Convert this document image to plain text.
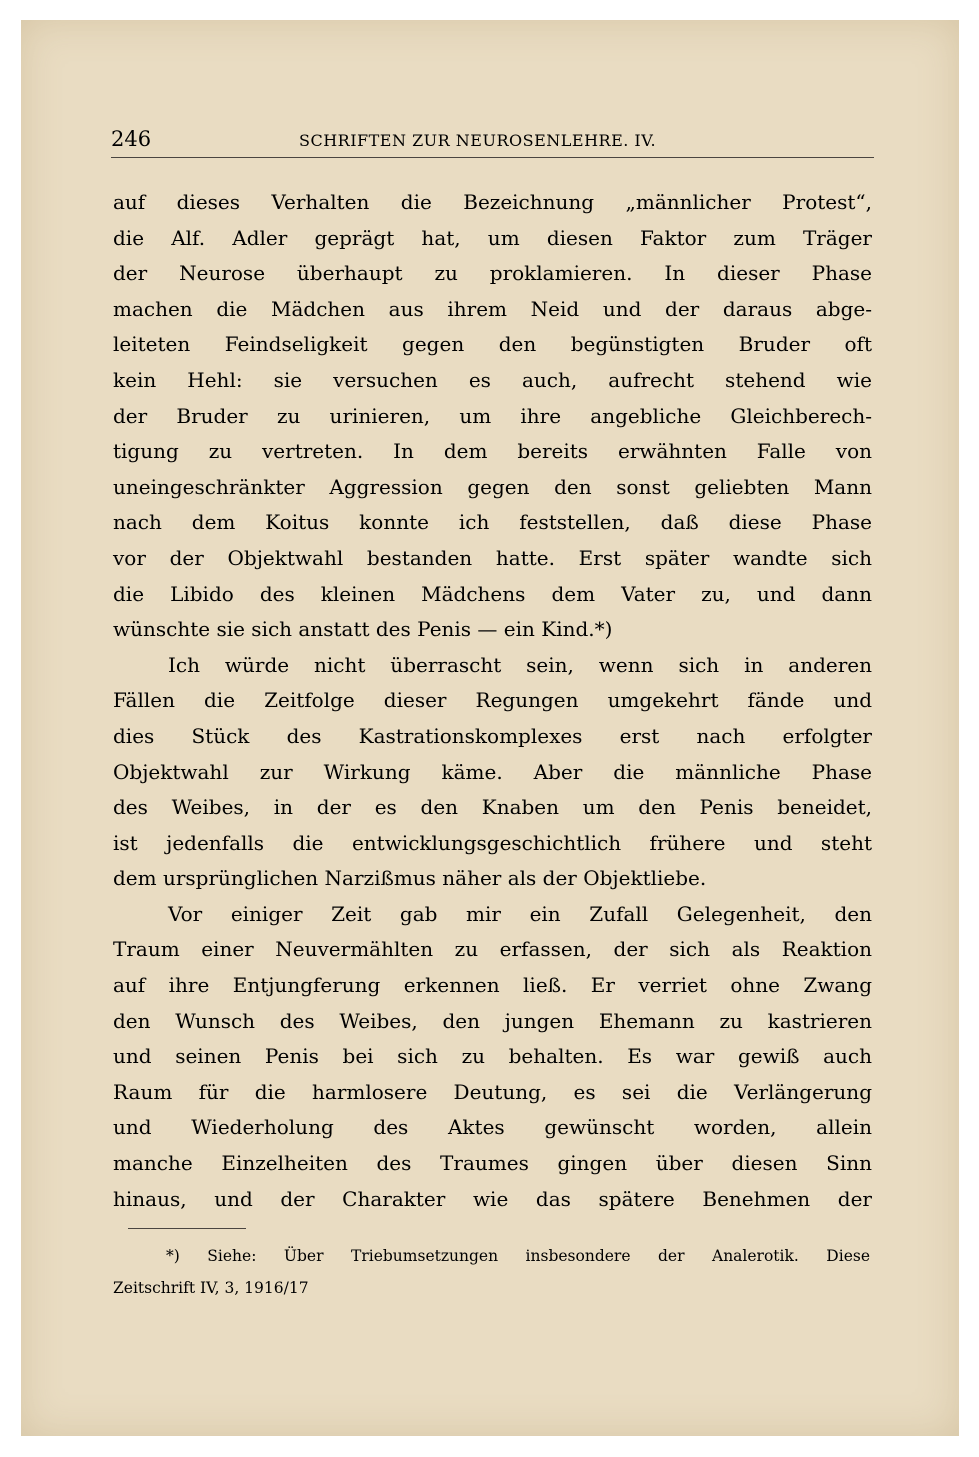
246	SCHRIFTEN ZUR NEUROSENLEHRE. IV.
auf dieses Verhalten die Bezeichnung „männlicher Protest“,
die Alf. Adler geprägt hat, um diesen Faktor zum Träger
der Neurose überhaupt zu proklamieren. In dieser Phase
machen die Mädchen aus ihrem Neid und der daraus abge-
leiteten Feindseligkeit gegen den begünstigten Bruder oft
kein Hehl: sie versuchen es auch, aufrecht stehend wie
der Bruder zu urinieren, um ihre angebliche Gleichberech-
tigung zu vertreten. In dem bereits erwähnten Falle von
uneingeschränkter Aggression gegen den sonst geliebten Mann
nach dem Koitus konnte ich feststellen, daß diese Phase
vor der Objektwahl bestanden hatte. Erst später wandte sich
die Libido des kleinen Mädchens dem Vater zu, und dann
wünschte sie sich anstatt des Penis — ein Kind.*)
Ich würde nicht überrascht sein, wenn sich in anderen
Fällen die Zeitfolge dieser Regungen umgekehrt fände und
dies Stück des Kastrationskomplexes erst nach erfolgter
Objektwahl zur Wirkung käme. Aber die männliche Phase
des Weibes, in der es den Knaben um den Penis beneidet,
ist jedenfalls die entwicklungsgeschichtlich frühere und steht
dem ursprünglichen Narzißmus näher als der Objektliebe.
Vor einiger Zeit gab mir ein Zufall Gelegenheit, den
Traum einer Neuvermählten zu erfassen, der sich als Reaktion
auf ihre Entjungferung erkennen ließ. Er verriet ohne Zwang
den Wunsch des Weibes, den jungen Ehemann zu kastrieren
und seinen Penis bei sich zu behalten. Es war gewiß auch
Raum für die harmlosere Deutung, es sei die Verlängerung
und Wiederholung des Aktes gewünscht worden, allein
manche Einzelheiten des Traumes gingen über diesen Sinn
hinaus, und der Charakter wie das spätere Benehmen der
*) Siehe: Über Triebumsetzungen insbesondere der Analerotik. Diese
Zeitschrift IV, 3, 1916/17
